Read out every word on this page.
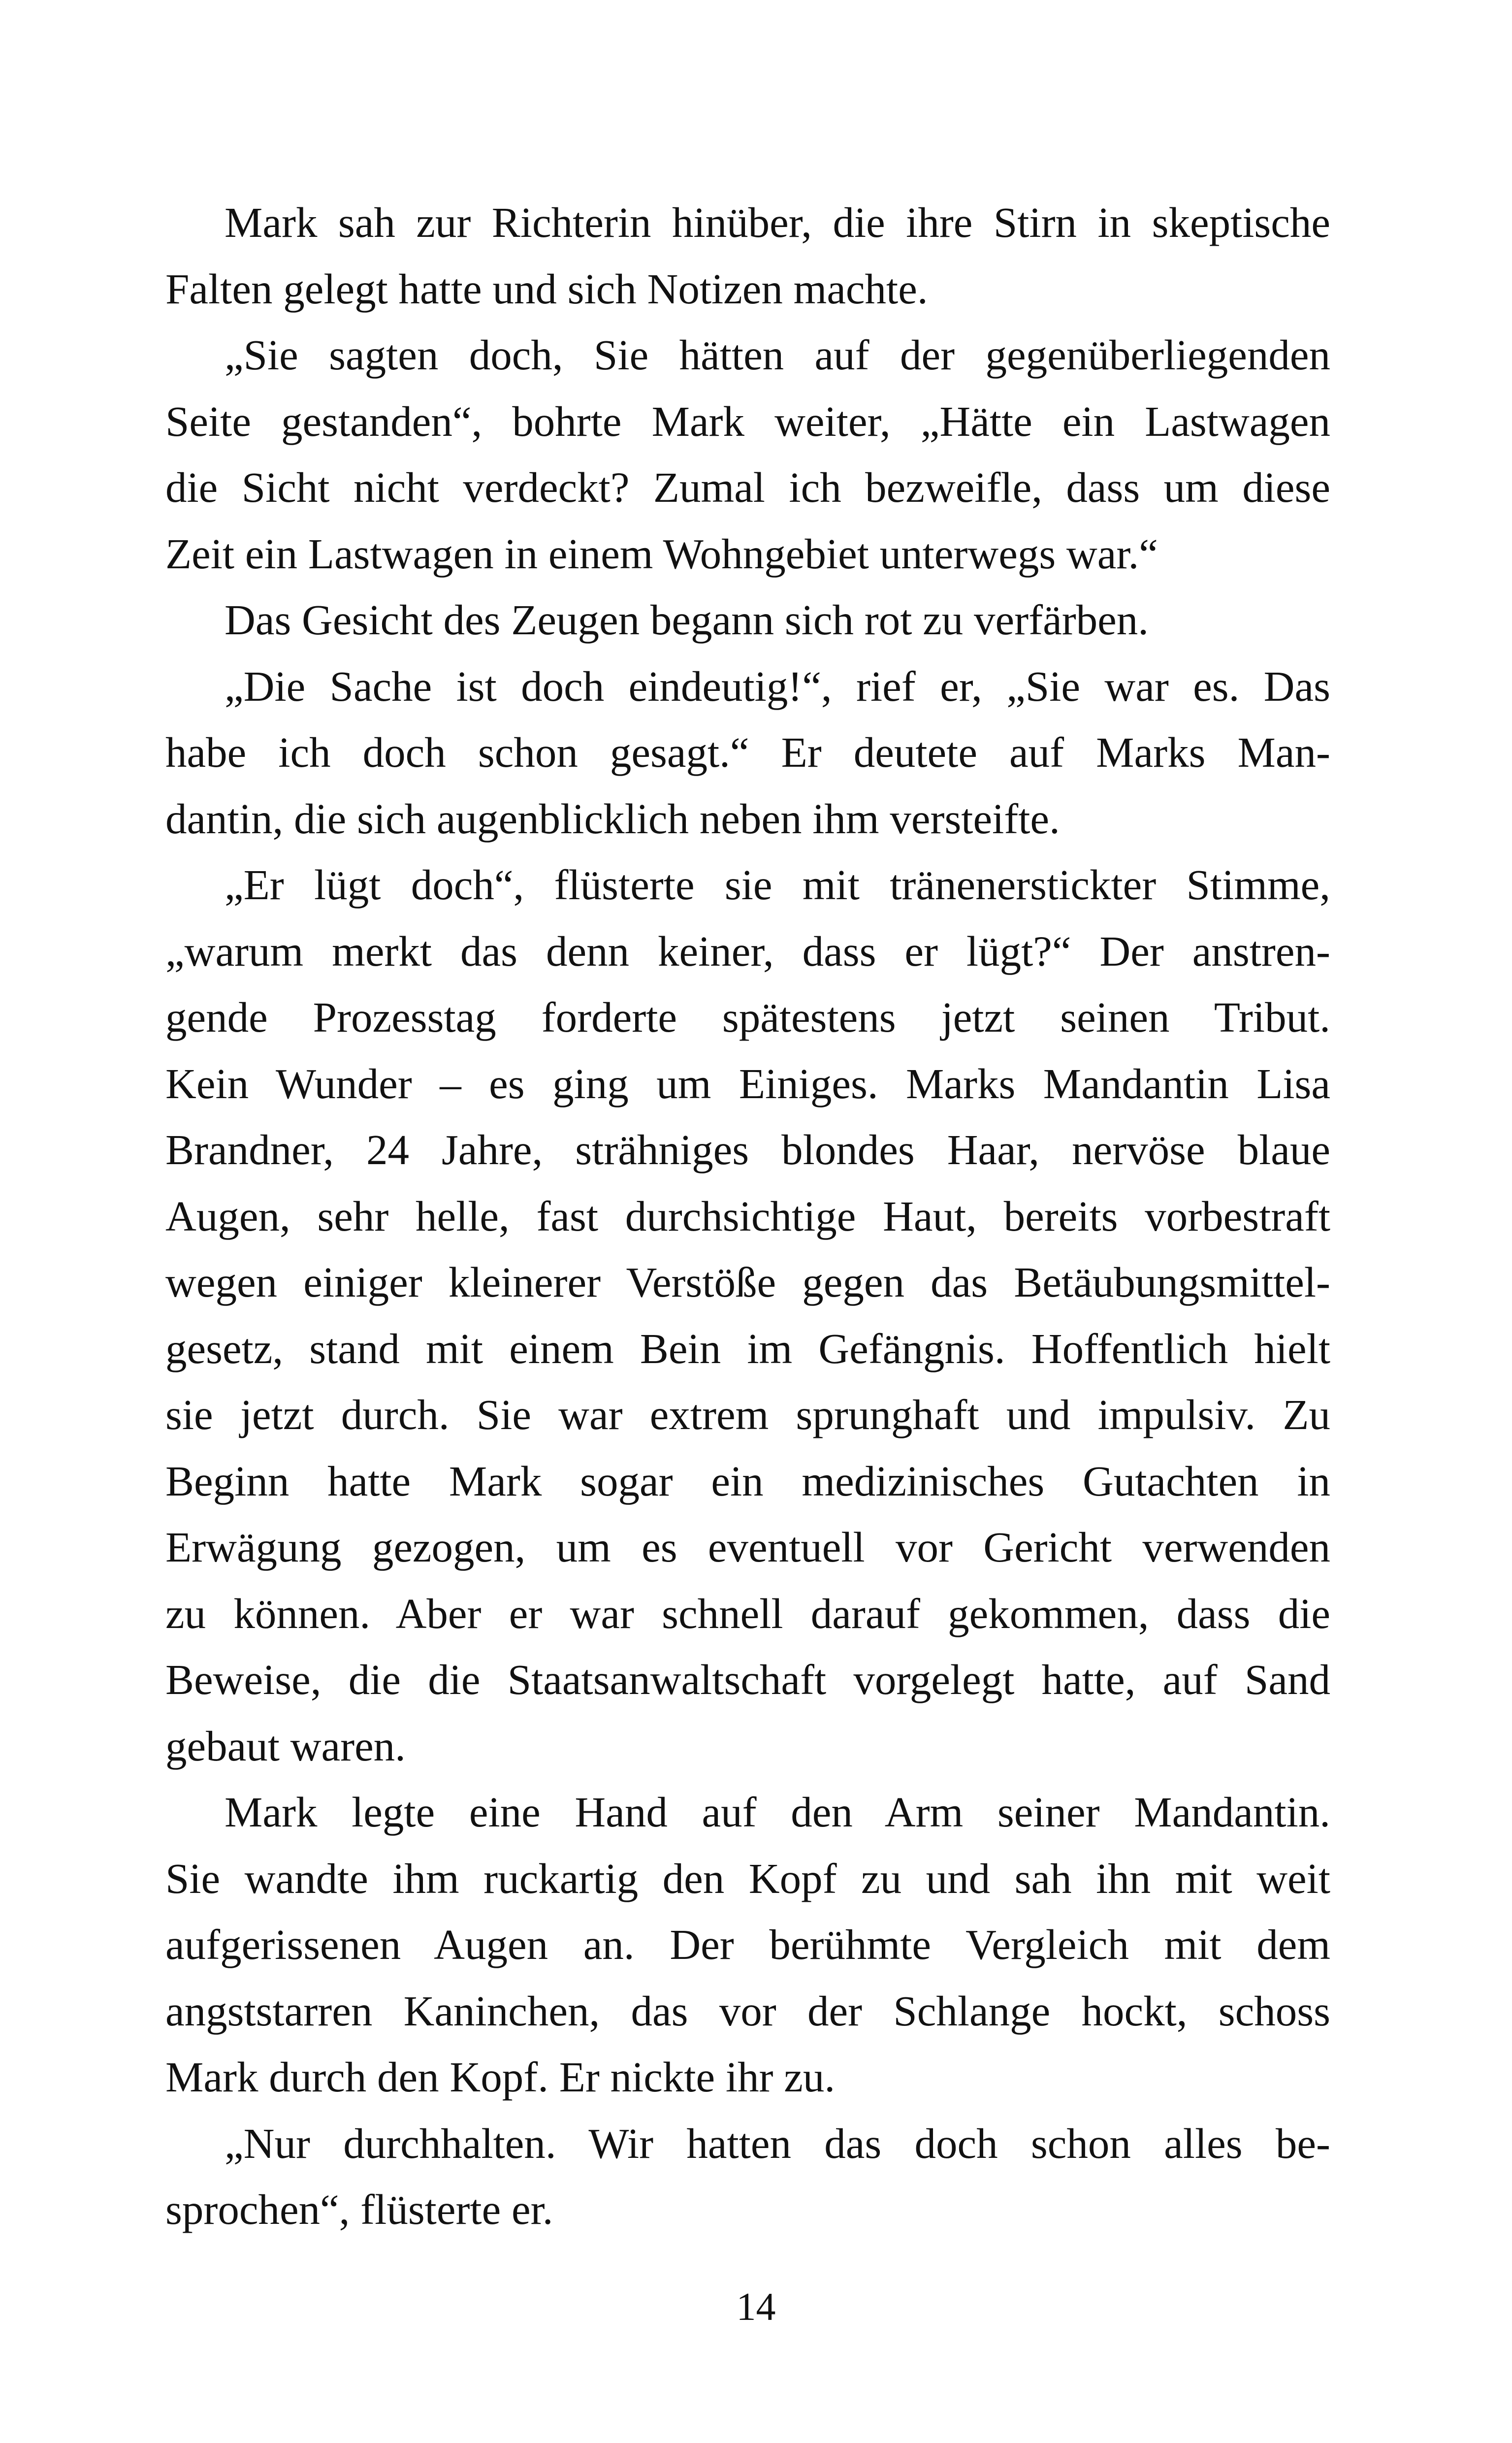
Mark sah zur Richterin hinüber, die ihre Stirn in skeptische
Falten gelegt hatte und sich Notizen machte.
„Sie sagten doch, Sie hätten auf der gegenüberliegenden
Seite gestanden“, bohrte Mark weiter, „Hätte ein Lastwagen
die Sicht nicht verdeckt? Zumal ich bezweifle, dass um diese
Zeit ein Lastwagen in einem Wohngebiet unterwegs war.“
Das Gesicht des Zeugen begann sich rot zu verfärben.
„Die Sache ist doch eindeutig!“, rief er, „Sie war es. Das
habe ich doch schon gesagt.“ Er deutete auf Marks Man-
dantin, die sich augenblicklich neben ihm versteifte.
„Er lügt doch“, flüsterte sie mit tränenerstickter Stimme,
„warum merkt das denn keiner, dass er lügt?“ Der anstren-
gende Prozesstag forderte spätestens jetzt seinen Tribut.
Kein Wunder – es ging um Einiges. Marks Mandantin Lisa
Brandner, 24 Jahre, strähniges blondes Haar, nervöse blaue
Augen, sehr helle, fast durchsichtige Haut, bereits vorbestraft
wegen einiger kleinerer Verstöße gegen das Betäubungsmittel-
gesetz, stand mit einem Bein im Gefängnis. Hoffentlich hielt
sie jetzt durch. Sie war extrem sprunghaft und impulsiv. Zu
Beginn hatte Mark sogar ein medizinisches Gutachten in
Erwägung gezogen, um es eventuell vor Gericht verwenden
zu können. Aber er war schnell darauf gekommen, dass die
Beweise, die die Staatsanwaltschaft vorgelegt hatte, auf Sand
gebaut waren.
Mark legte eine Hand auf den Arm seiner Mandantin.
Sie wandte ihm ruckartig den Kopf zu und sah ihn mit weit
aufgerissenen Augen an. Der berühmte Vergleich mit dem
angststarren Kaninchen, das vor der Schlange hockt, schoss
Mark durch den Kopf. Er nickte ihr zu.
„Nur durchhalten. Wir hatten das doch schon alles be-
sprochen“, flüsterte er.
14
